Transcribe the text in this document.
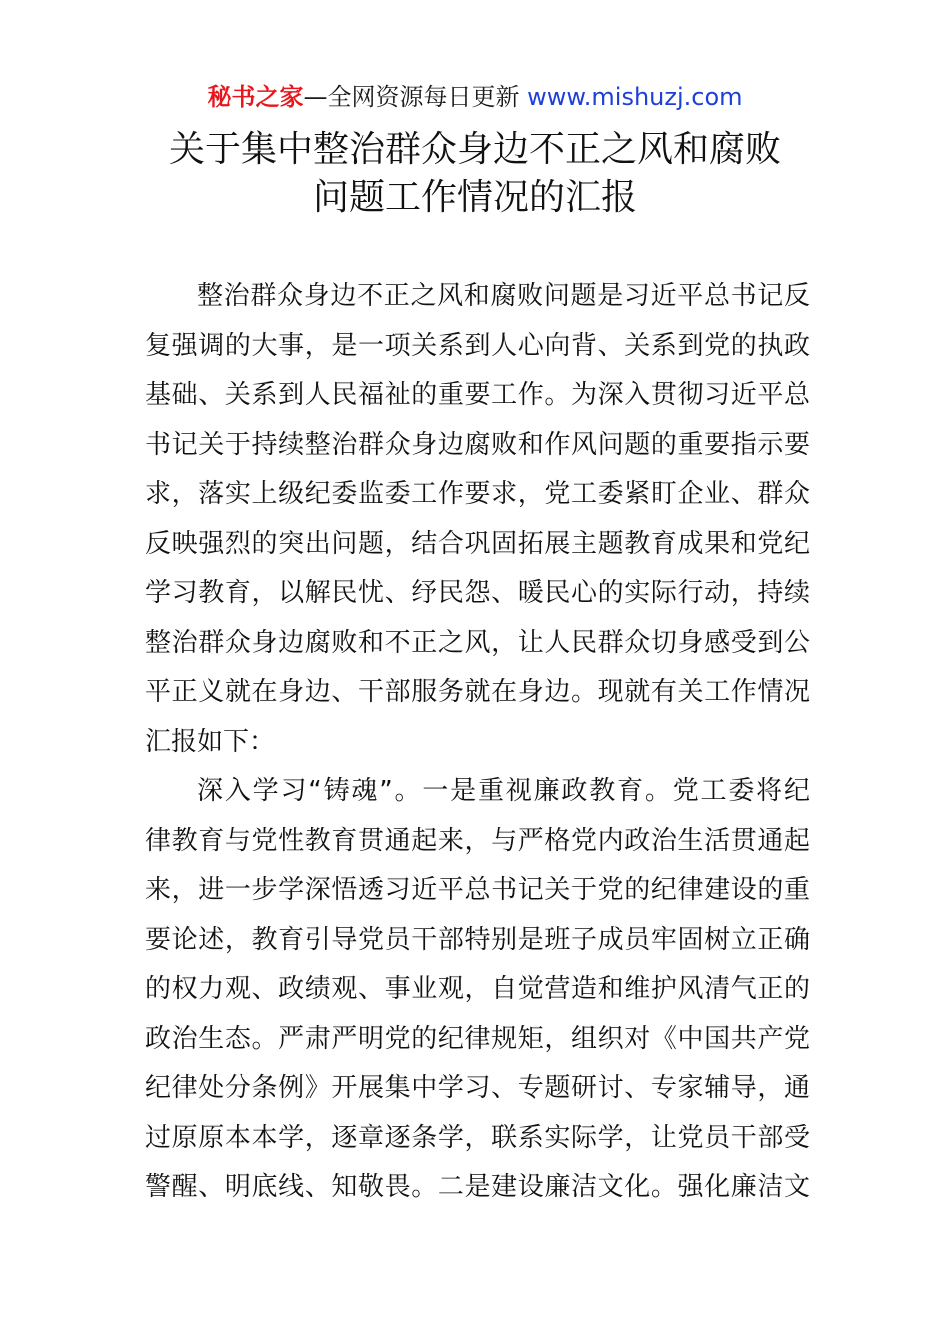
秘书之家—全网资源每日更新 www.mishuzj.com
关于集中整治群众身边不正之风和腐败
问题工作情况的汇报
整治群众身边不正之风和腐败问题是习近平总书记反
复强调的大事，是一项关系到人心向背、关系到党的执政
基础、关系到人民福祉的重要工作。为深入贯彻习近平总
书记关于持续整治群众身边腐败和作风问题的重要指示要
求，落实上级纪委监委工作要求，党工委紧盯企业、群众
反映强烈的突出问题，结合巩固拓展主题教育成果和党纪
学习教育，以解民忧、纾民怨、暖民心的实际行动，持续
整治群众身边腐败和不正之风，让人民群众切身感受到公
平正义就在身边、干部服务就在身边。现就有关工作情况
汇报如下：
深入学习“铸魂”。一是重视廉政教育。党工委将纪
律教育与党性教育贯通起来，与严格党内政治生活贯通起
来，进一步学深悟透习近平总书记关于党的纪律建设的重
要论述，教育引导党员干部特别是班子成员牢固树立正确
的权力观、政绩观、事业观，自觉营造和维护风清气正的
政治生态。严肃严明党的纪律规矩，组织对《中国共产党
纪律处分条例》开展集中学习、专题研讨、专家辅导，通
过原原本本学，逐章逐条学，联系实际学，让党员干部受
警醒、明底线、知敬畏。二是建设廉洁文化。强化廉洁文
